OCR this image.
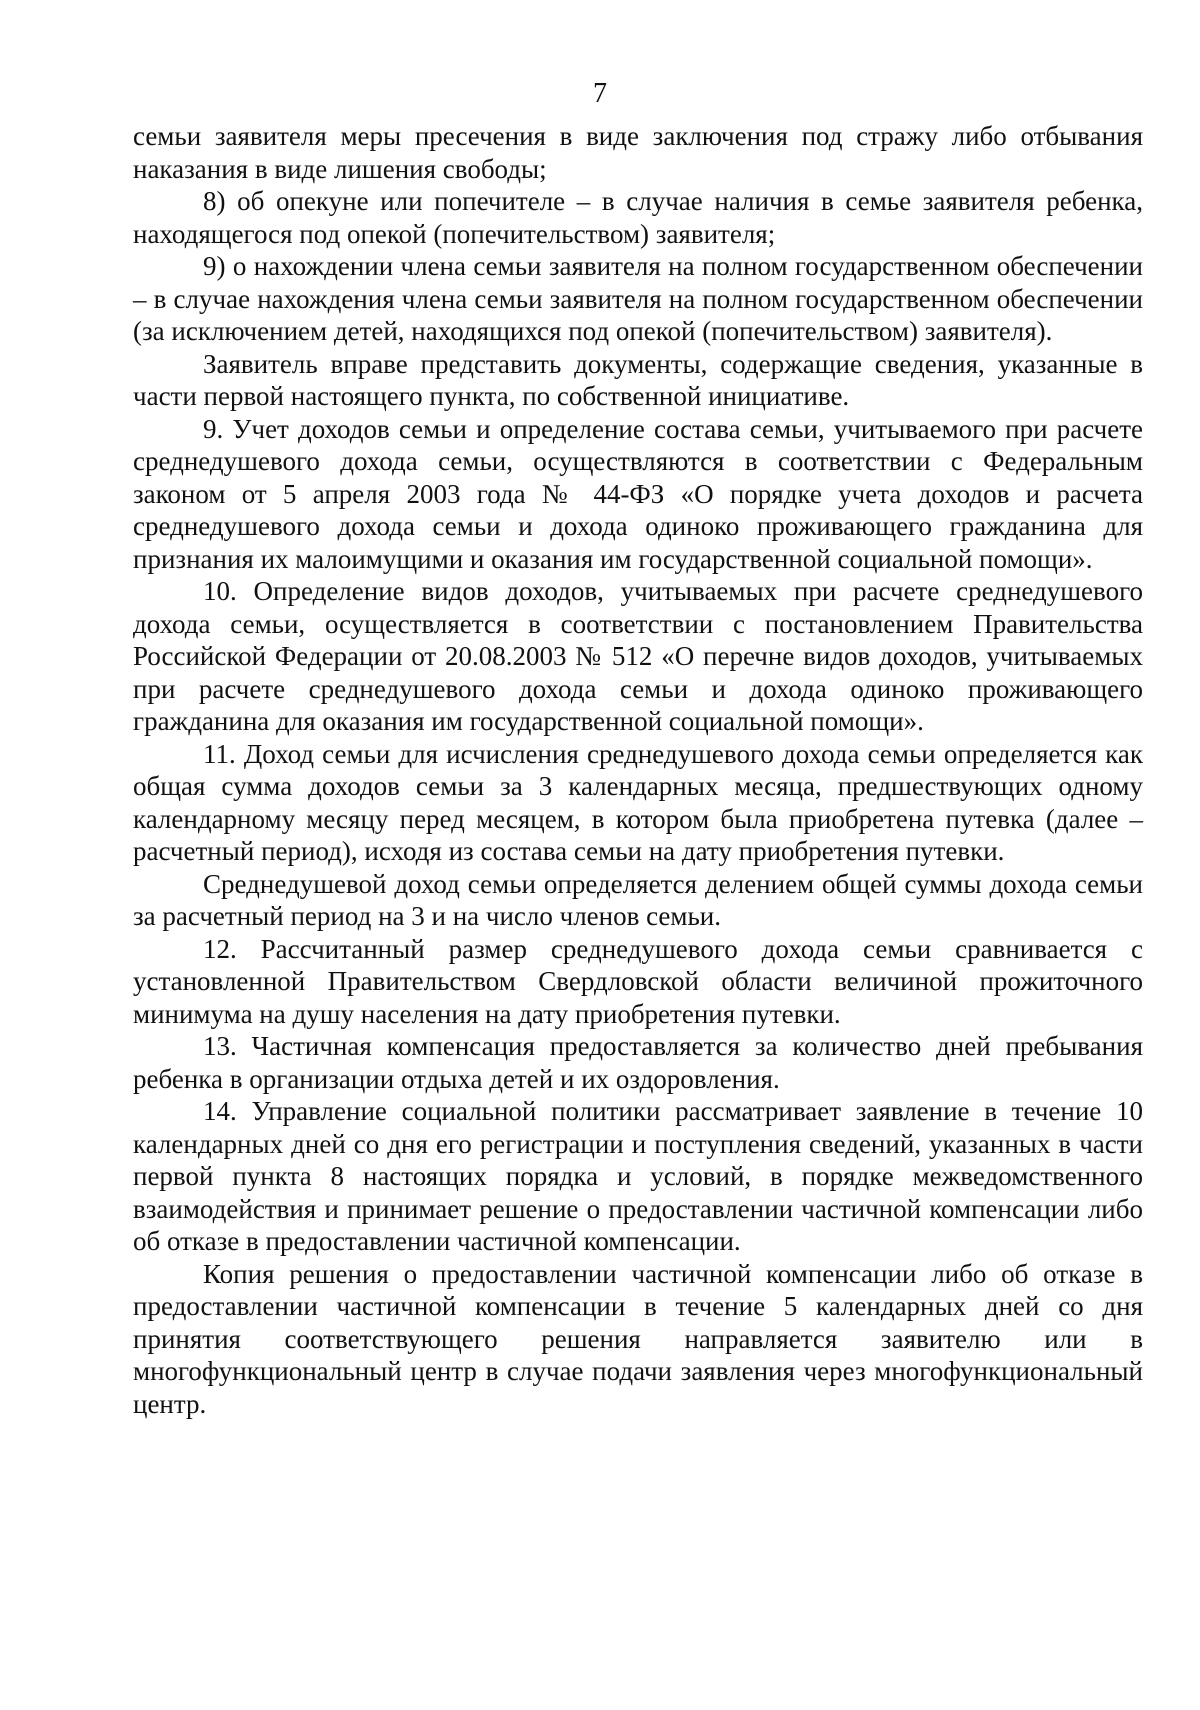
7

семьи заявителя меры пресечения в виде заключения под стражу либо отбывания наказания в виде лишения свободы;

8) об опекуне или попечителе – в случае наличия в семье заявителя ребенка, находящегося под опекой (попечительством) заявителя;

9) о нахождении члена семьи заявителя на полном государственном обеспечении – в случае нахождения члена семьи заявителя на полном государственном обеспечении (за исключением детей, находящихся под опекой (попечительством) заявителя).

Заявитель вправе представить документы, содержащие сведения, указанные в части первой настоящего пункта, по собственной инициативе.

9. Учет доходов семьи и определение состава семьи, учитываемого при расчете среднедушевого дохода семьи, осуществляются в соответствии с Федеральным законом от 5 апреля 2003 года № 44-ФЗ «О порядке учета доходов и расчета среднедушевого дохода семьи и дохода одиноко проживающего гражданина для признания их малоимущими и оказания им государственной социальной помощи».

10. Определение видов доходов, учитываемых при расчете среднедушевого дохода семьи, осуществляется в соответствии с постановлением Правительства Российской Федерации от 20.08.2003 № 512 «О перечне видов доходов, учитываемых при расчете среднедушевого дохода семьи и дохода одиноко проживающего гражданина для оказания им государственной социальной помощи».

11. Доход семьи для исчисления среднедушевого дохода семьи определяется как общая сумма доходов семьи за 3 календарных месяца, предшествующих одному календарному месяцу перед месяцем, в котором была приобретена путевка (далее – расчетный период), исходя из состава семьи на дату приобретения путевки.

Среднедушевой доход семьи определяется делением общей суммы дохода семьи за расчетный период на 3 и на число членов семьи.

12. Рассчитанный размер среднедушевого дохода семьи сравнивается с установленной Правительством Свердловской области величиной прожиточного минимума на душу населения на дату приобретения путевки.

13. Частичная компенсация предоставляется за количество дней пребывания ребенка в организации отдыха детей и их оздоровления.

14. Управление социальной политики рассматривает заявление в течение 10 календарных дней со дня его регистрации и поступления сведений, указанных в части первой пункта 8 настоящих порядка и условий, в порядке межведомственного взаимодействия и принимает решение о предоставлении частичной компенсации либо об отказе в предоставлении частичной компенсации.

Копия решения о предоставлении частичной компенсации либо об отказе в предоставлении частичной компенсации в течение 5 календарных дней со дня принятия соответствующего решения направляется заявителю или в многофункциональный центр в случае подачи заявления через многофункциональный центр.
